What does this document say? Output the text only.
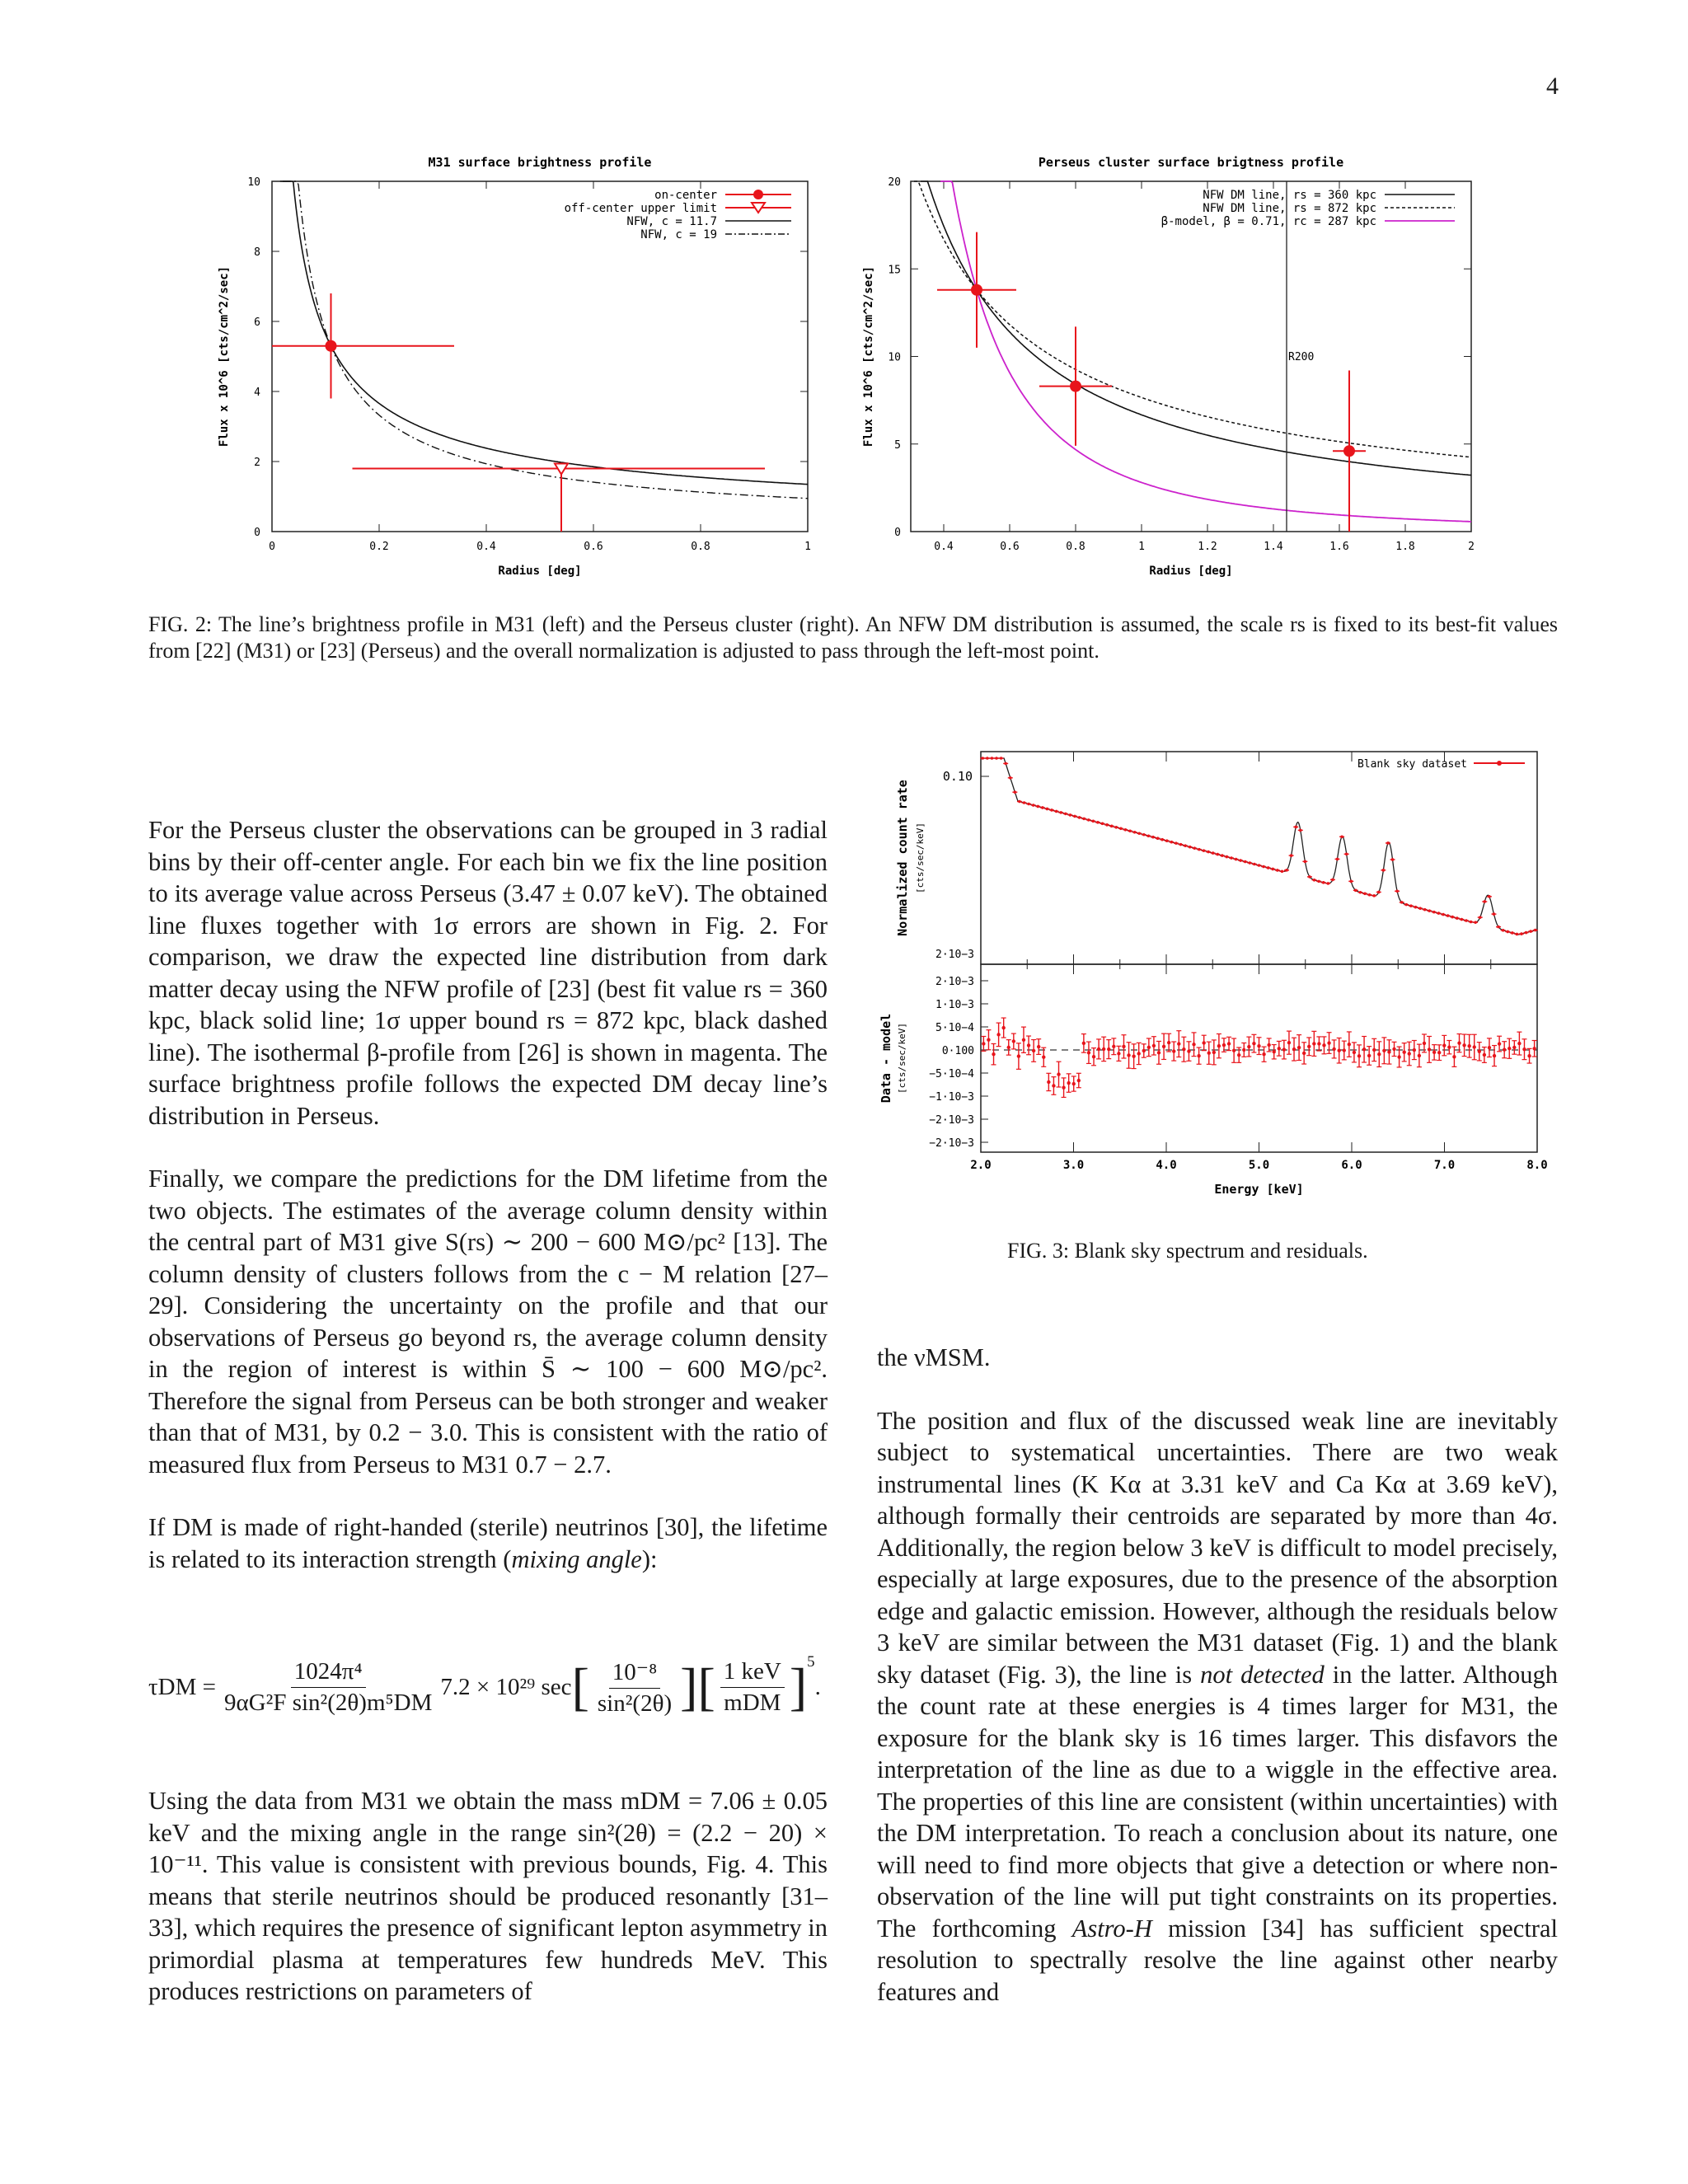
4
M31 surface brightness profile
0	0.2	0.4	0.6	0.8	1
0
2
4
6
8
10
Radius [deg]
Flux x 10^6 [cts/cm^2/sec]
on-center
off-center upper limit
NFW, c = 11.7
NFW, c = 19
Perseus cluster surface brigtness profile
0.4	0.6	0.8	1	1.2	1.4	1.6	1.8	2
0
5
10
15
20
Radius [deg]
Flux x 10^6 [cts/cm^2/sec]	R200
NFW DM line, rs = 360 kpc
NFW DM line, rs = 872 kpc
β-model, β = 0.71, rc = 287 kpc
FIG. 2: The line’s brightness profile in M31 (left) and the Perseus cluster (right). An NFW DM distribution is assumed, the scale rs is fixed to its best-fit values from [22] (M31) or [23] (Perseus) and the overall normalization is adjusted to pass through the left-most point.
2.0	3.0	4.0	5.0	6.0	7.0	8.0
Energy [keV]
Normalized count rate [cts/sec/keV]
Data - model [cts/sec/keV]
0.10
2·10−3
2·10−3
1·10−3
5·10−4
0·100
−5·10−4
−1·10−3
−2·10−3
−2·10−3
Blank sky dataset
FIG. 3: Blank sky spectrum and residuals.

For the Perseus cluster the observations can be grouped in 3 radial bins by their off-center angle. For each bin we fix the line position to its average value across Perseus (3.47 ± 0.07 keV). The obtained line fluxes together with 1σ errors are shown in Fig. 2. For comparison, we draw the expected line distribution from dark matter decay using the NFW profile of [23] (best fit value rs = 360 kpc, black solid line; 1σ upper bound rs = 872 kpc, black dashed line). The isothermal β-profile from [26] is shown in magenta. The surface brightness profile follows the expected DM decay line’s distribution in Perseus.

Finally, we compare the predictions for the DM lifetime from the two objects. The estimates of the average column density within the central part of M31 give S(rs) ∼ 200 − 600 M⊙/pc² [13]. The column density of clusters follows from the c − M relation [27–29]. Considering the uncertainty on the profile and that our observations of Perseus go beyond rs, the average column density in the region of interest is within S̄ ∼ 100 − 600 M⊙/pc². Therefore the signal from Perseus can be both stronger and weaker than that of M31, by 0.2 − 3.0. This is consistent with the ratio of measured flux from Perseus to M31 0.7 − 2.7.

If DM is made of right-handed (sterile) neutrinos [30], the lifetime is related to its interaction strength (mixing angle):

$\tau DM = \frac{\text{1024π⁴}}{\text{9αG²F sin²(2θ)m⁵DM}} 7.2 \times 10^{29}$ sec [ $\frac{\text{10⁻⁸}}{\text{sin²(2θ)}}$ ] [ $\frac{\text{1 keV}}{\text{mDM}} ]^5$
.

Using the data from M31 we obtain the mass mDM = 7.06 ± 0.05 keV and the mixing angle in the range sin²(2θ) = (2.2 − 20) × 10⁻¹¹. This value is consistent with previous bounds, Fig. 4. This means that sterile neutrinos should be produced resonantly [31–33], which requires the presence of significant lepton asymmetry in primordial plasma at temperatures few hundreds MeV. This produces restrictions on parameters of

the νMSM.

The position and flux of the discussed weak line are inevitably subject to systematical uncertainties. There are two weak instrumental lines (K Kα at 3.31 keV and Ca Kα at 3.69 keV), although formally their centroids are separated by more than 4σ. Additionally, the region below 3 keV is difficult to model precisely, especially at large exposures, due to the presence of the absorption edge and galactic emission. However, although the residuals below 3 keV are similar between the M31 dataset (Fig. 1) and the blank sky dataset (Fig. 3), the line is not detected in the latter. Although the count rate at these energies is 4 times larger for M31, the exposure for the blank sky is 16 times larger. This disfavors the interpretation of the line as due to a wiggle in the effective area. The properties of this line are consistent (within uncertainties) with the DM interpretation. To reach a conclusion about its nature, one will need to find more objects that give a detection or where non-observation of the line will put tight constraints on its properties. The forthcoming Astro-H mission [34] has sufficient spectral resolution to spectrally resolve the line against other nearby features and
